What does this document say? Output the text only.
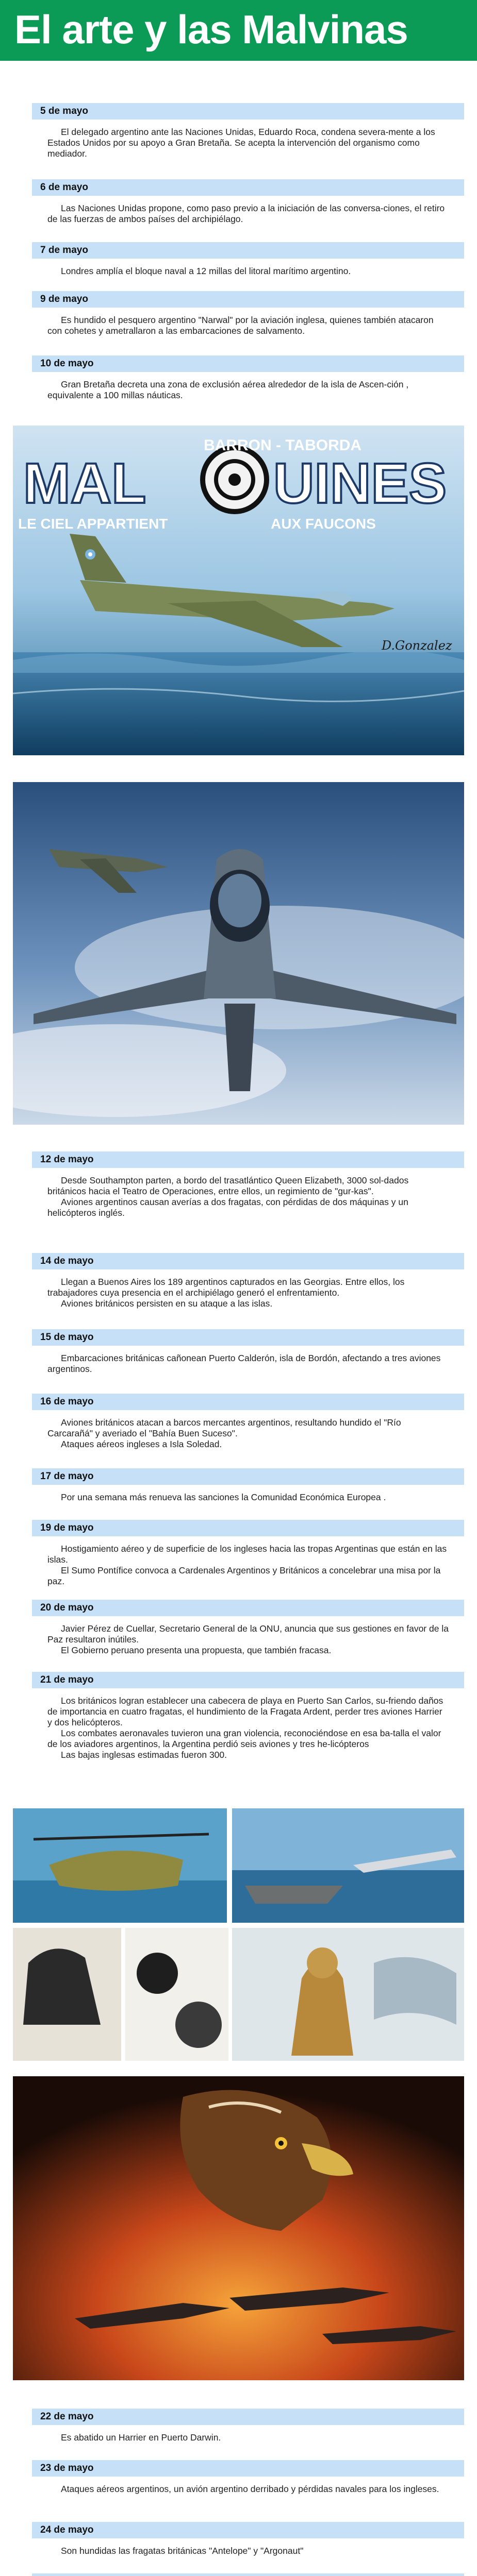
El arte y las Malvinas
5 de mayo

El delegado argentino ante las Naciones Unidas, Eduardo Roca, condena severa-mente a los Estados Unidos por su apoyo a Gran Bretaña. Se acepta la intervención del organismo como mediador.

6 de mayo

Las Naciones Unidas propone, como paso previo a la iniciación de las conversa-ciones, el retiro de las fuerzas de ambos países del archipiélago.

7 de mayo

Londres amplía el bloque naval a 12 millas del litoral marítimo argentino.

9 de mayo

Es hundido el pesquero argentino "Narwal" por la aviación inglesa, quienes también atacaron con cohetes y ametrallaron a las embarcaciones de salvamento.

10 de mayo

Gran Bretaña decreta una zona de exclusión aérea alrededor de la isla de Ascen-ción , equivalente a 100 millas náuticas.

BARRON - TABORDA
MAL UINES
LE CIEL APPARTIENT	AUX FAUCONS
D.Gonzalez
12 de mayo

Desde Southampton parten, a bordo del trasatlántico Queen Elizabeth, 3000 sol-dados británicos hacia el Teatro de Operaciones, entre ellos, un regimiento de "gur-kas".

Aviones argentinos causan averías a dos fragatas, con pérdidas de dos máquinas y un helicópteros inglés.

14 de mayo

Llegan a Buenos Aires los 189 argentinos capturados en las Georgias. Entre ellos, los trabajadores cuya presencia en el archipiélago generó el enfrentamiento.

Aviones británicos persisten en su ataque a las islas.

15 de mayo

Embarcaciones británicas cañonean Puerto Calderón, isla de Bordón, afectando a tres aviones argentinos.

16 de mayo

Aviones británicos atacan a barcos mercantes argentinos, resultando hundido el "Río Carcarañá" y averiado el "Bahía Buen Suceso".

Ataques aéreos ingleses a Isla Soledad.

17 de mayo

Por una semana más renueva las sanciones la Comunidad Económica Europea .

19 de mayo

Hostigamiento aéreo y de superficie de los ingleses hacia las tropas Argentinas que están en las islas.

El Sumo Pontífice convoca a Cardenales Argentinos y Británicos a concelebrar una misa por la paz.

20 de mayo

Javier Pérez de Cuellar, Secretario General de la ONU, anuncia que sus gestiones en favor de la Paz resultaron inútiles.

El Gobierno peruano presenta una propuesta, que también fracasa.

21 de mayo

Los británicos logran establecer una cabecera de playa en Puerto San Carlos, su-friendo daños de importancia en cuatro fragatas, el hundimiento de la Fragata Ardent, perder tres aviones Harrier y dos helicópteros.

Los combates aeronavales tuvieron una gran violencia, reconociéndose en esa ba-talla el valor de los aviadores argentinos, la Argentina perdió seis aviones y tres he-licópteros

Las bajas inglesas estimadas fueron 300.

22 de mayo

Es abatido un Harrier en Puerto Darwin.

23 de mayo

Ataques aéreos argentinos, un avión argentino derribado y pérdidas navales para los ingleses.

24 de mayo

Son hundidas las fragatas británicas "Antelope" y "Argonaut"
